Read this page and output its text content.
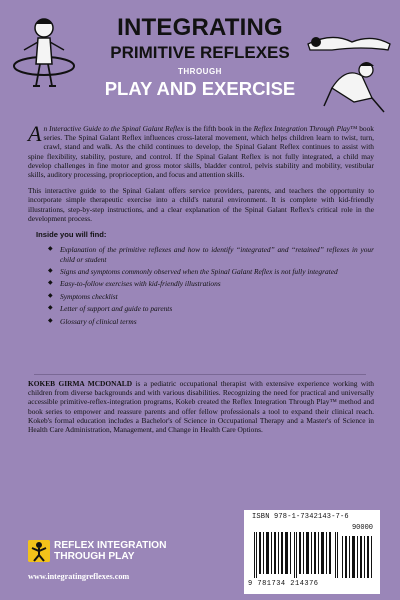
INTEGRATING
PRIMITIVE REFLEXES
THROUGH
PLAY AND EXERCISE

An Interactive Guide to the Spinal Galant Reflex is the fifth book in the Reflex Integration Through Play™ book series. The Spinal Galant Reflex influences cross-lateral movement, which helps children learn to twist, turn, crawl, stand and walk. As the child continues to develop, the Spinal Galant Reflex continues to assist with spine flexibility, stability, posture, and control. If the Spinal Galant Reflex is not fully integrated, a child may develop challenges in fine motor and gross motor skills, bladder control, pelvis stability and mobility, vestibular skills, auditory processing, proprioception, and focus and attention skills.

This interactive guide to the Spinal Galant offers service providers, parents, and teachers the opportunity to incorporate simple therapeutic exercise into a child's natural environment. It is complete with kid-friendly illustrations, step-by-step instructions, and a clear explanation of the Spinal Galant Reflex's critical role in the development process.

Inside you will find:
◆ Explanation of the primitive reflexes and how to identify “integrated” and “retained” reflexes in your child or student
◆ Signs and symptoms commonly observed when the Spinal Galant Reflex is not fully integrated
◆ Easy-to-follow exercises with kid-friendly illustrations
◆ Symptoms checklist
◆ Letter of support and guide to parents
◆ Glossary of clinical terms
KOKEB GIRMA MCDONALD is a pediatric occupational therapist with extensive experience working with children from diverse backgrounds and with various disabilities. Recognizing the need for practical and universally accessible primitive-reflex-integration programs, Kokeb created the Reflex Integration Through Play™ method and book series to empower and reassure parents and offer fellow professionals a tool to expand their clinical reach. Kokeb's formal education includes a Bachelor's of Science in Occupational Therapy and a Master's of Science in Health Care Administration, Management, and Change in Health Care Options.
REFLEX INTEGRATION
THROUGH PLAY
www.integratingreflexes.com
ISBN 978-1-7342143-7-6
90000
9 781734 214376
